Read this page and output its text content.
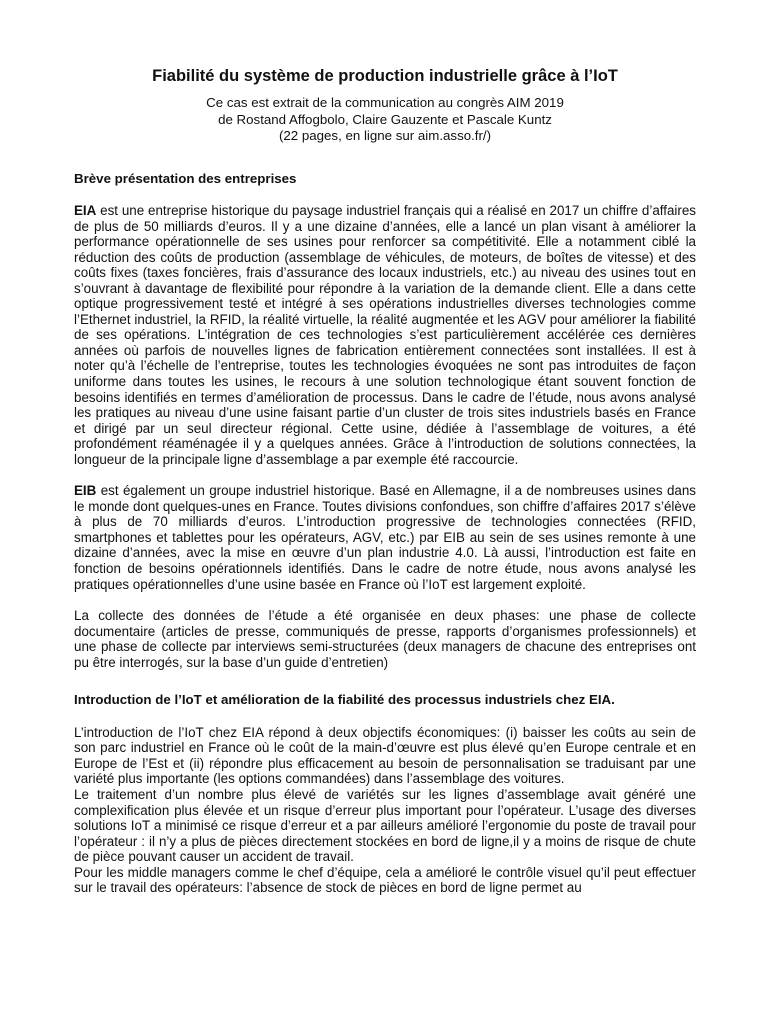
Fiabilité du système de production industrielle grâce à l’IoT
Ce cas est extrait de la communication au congrès AIM 2019
de Rostand Affogbolo, Claire Gauzente et Pascale Kuntz
(22 pages, en ligne sur aim.asso.fr/)
Brève présentation des entreprises

EIA est une entreprise historique du paysage industriel français qui a réalisé en 2017 un chiffre d’affaires de plus de 50 milliards d’euros. Il y a une dizaine d’années, elle a lancé un plan visant à améliorer la performance opérationnelle de ses usines pour renforcer sa compétitivité. Elle a notamment ciblé la réduction des coûts de production (assemblage de véhicules, de moteurs, de boîtes de vitesse) et des coûts fixes (taxes foncières, frais d’assurance des locaux industriels, etc.) au niveau des usines tout en s’ouvrant à davantage de flexibilité pour répondre à la variation de la demande client. Elle a dans cette optique progressivement testé et intégré à ses opérations industrielles diverses technologies comme l’Ethernet industriel, la RFID, la réalité virtuelle, la réalité augmentée et les AGV pour améliorer la fiabilité de ses opérations. L’intégration de ces technologies s’est particulièrement accélérée ces dernières années où parfois de nouvelles lignes de fabrication entièrement connectées sont installées. Il est à noter qu’à l’échelle de l’entreprise, toutes les technologies évoquées ne sont pas introduites de façon uniforme dans toutes les usines, le recours à une solution technologique étant souvent fonction de besoins identifiés en termes d’amélioration de processus. Dans le cadre de l’étude, nous avons analysé les pratiques au niveau d’une usine faisant partie d’un cluster de trois sites industriels basés en France et dirigé par un seul directeur régional. Cette usine, dédiée à l’assemblage de voitures, a été profondément réaménagée il y a quelques années. Grâce à l’introduction de solutions connectées, la longueur de la principale ligne d’assemblage a par exemple été raccourcie.

EIB est également un groupe industriel historique. Basé en Allemagne, il a de nombreuses usines dans le monde dont quelques-unes en France. Toutes divisions confondues, son chiffre d’affaires 2017 s’élève à plus de 70 milliards d’euros. L’introduction progressive de technologies connectées (RFID, smartphones et tablettes pour les opérateurs, AGV, etc.) par EIB au sein de ses usines remonte à une dizaine d’années, avec la mise en œuvre d’un plan industrie 4.0. Là aussi, l’introduction est faite en fonction de besoins opérationnels identifiés. Dans le cadre de notre étude, nous avons analysé les pratiques opérationnelles d’une usine basée en France où l’IoT est largement exploité.

La collecte des données de l’étude a été organisée en deux phases: une phase de collecte documentaire (articles de presse, communiqués de presse, rapports d’organismes professionnels) et une phase de collecte par interviews semi-structurées (deux managers de chacune des entreprises ont pu être interrogés, sur la base d’un guide d’entretien)

Introduction de l’IoT et amélioration de la fiabilité des processus industriels chez EIA.

L’introduction de l’IoT chez EIA répond à deux objectifs économiques: (i) baisser les coûts au sein de son parc industriel en France où le coût de la main-d’œuvre est plus élevé qu’en Europe centrale et en Europe de l’Est et (ii) répondre plus efficacement au besoin de personnalisation se traduisant par une variété plus importante (les options commandées) dans l’assemblage des voitures.

Le traitement d’un nombre plus élevé de variétés sur les lignes d’assemblage avait généré une complexification plus élevée et un risque d’erreur plus important pour l’opérateur. L’usage des diverses solutions IoT a minimisé ce risque d’erreur et a par ailleurs amélioré l’ergonomie du poste de travail pour l’opérateur : il n’y a plus de pièces directement stockées en bord de ligne,il y a moins de risque de chute de pièce pouvant causer un accident de travail.

Pour les middle managers comme le chef d’équipe, cela a amélioré le contrôle visuel qu’il peut effectuer sur le travail des opérateurs: l’absence de stock de pièces en bord de ligne permet au
